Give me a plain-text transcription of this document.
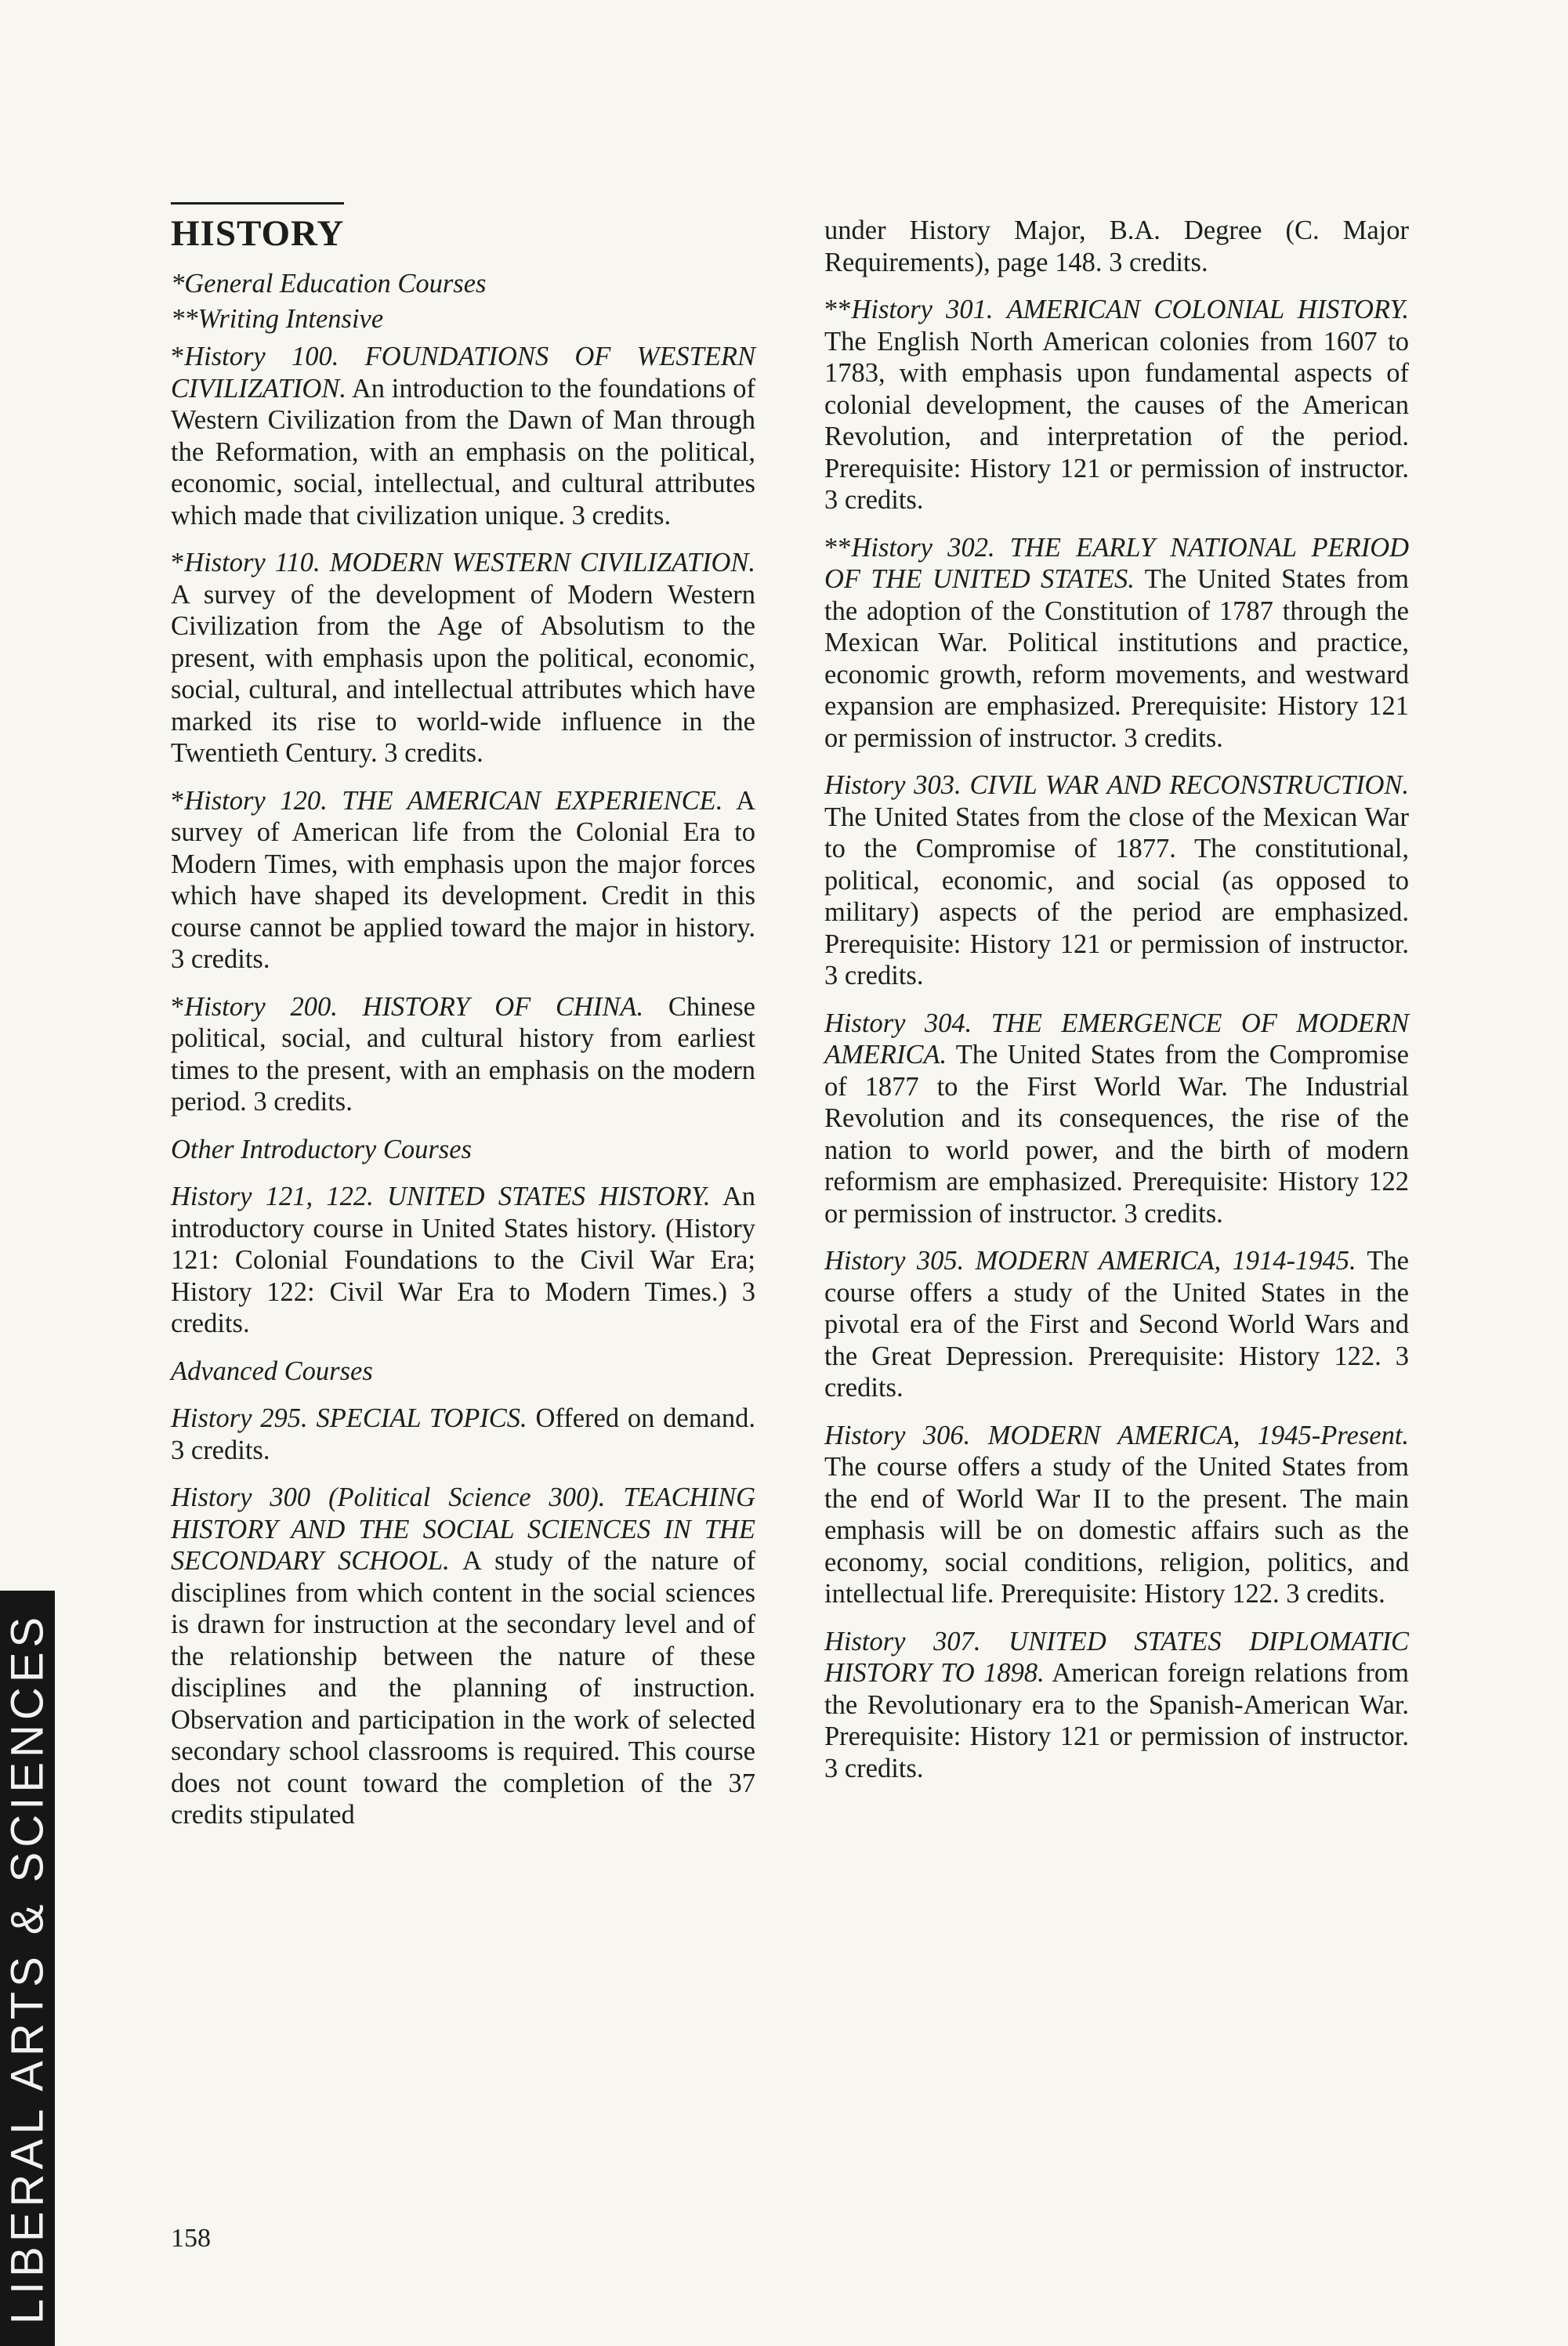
HISTORY

*General Education Courses

**Writing Intensive

*History 100. FOUNDATIONS OF WESTERN CIVILIZATION. An introduction to the foundations of Western Civilization from the Dawn of Man through the Reformation, with an emphasis on the political, economic, social, intellectual, and cultural attributes which made that civilization unique. 3 credits.

*History 110. MODERN WESTERN CIVILIZATION. A survey of the development of Modern Western Civilization from the Age of Absolutism to the present, with emphasis upon the political, economic, social, cultural, and intellectual attributes which have marked its rise to world-wide influence in the Twentieth Century. 3 credits.

*History 120. THE AMERICAN EXPERIENCE. A survey of American life from the Colonial Era to Modern Times, with emphasis upon the major forces which have shaped its development. Credit in this course cannot be applied toward the major in history. 3 credits.

*History 200. HISTORY OF CHINA. Chinese political, social, and cultural history from earliest times to the present, with an emphasis on the modern period. 3 credits.

Other Introductory Courses

History 121, 122. UNITED STATES HISTORY. An introductory course in United States history. (History 121: Colonial Foundations to the Civil War Era; History 122: Civil War Era to Modern Times.) 3 credits.

Advanced Courses

History 295. SPECIAL TOPICS. Offered on demand. 3 credits.

History 300 (Political Science 300). TEACHING HISTORY AND THE SOCIAL SCIENCES IN THE SECONDARY SCHOOL. A study of the nature of disciplines from which content in the social sciences is drawn for instruction at the secondary level and of the relationship between the nature of these disciplines and the planning of instruction. Observation and participation in the work of selected secondary school classrooms is required. This course does not count toward the completion of the 37 credits stipulated

under History Major, B.A. Degree (C. Major Requirements), page 148. 3 credits.

**History 301. AMERICAN COLONIAL HISTORY. The English North American colonies from 1607 to 1783, with emphasis upon fundamental aspects of colonial development, the causes of the American Revolution, and interpretation of the period. Prerequisite: History 121 or permission of instructor. 3 credits.

**History 302. THE EARLY NATIONAL PERIOD OF THE UNITED STATES. The United States from the adoption of the Constitution of 1787 through the Mexican War. Political institutions and practice, economic growth, reform movements, and westward expansion are emphasized. Prerequisite: History 121 or permission of instructor. 3 credits.

History 303. CIVIL WAR AND RECONSTRUCTION. The United States from the close of the Mexican War to the Compromise of 1877. The constitutional, political, economic, and social (as opposed to military) aspects of the period are emphasized. Prerequisite: History 121 or permission of instructor. 3 credits.

History 304. THE EMERGENCE OF MODERN AMERICA. The United States from the Compromise of 1877 to the First World War. The Industrial Revolution and its consequences, the rise of the nation to world power, and the birth of modern reformism are emphasized. Prerequisite: History 122 or permission of instructor. 3 credits.

History 305. MODERN AMERICA, 1914-1945. The course offers a study of the United States in the pivotal era of the First and Second World Wars and the Great Depression. Prerequisite: History 122. 3 credits.

History 306. MODERN AMERICA, 1945-Present. The course offers a study of the United States from the end of World War II to the present. The main emphasis will be on domestic affairs such as the economy, social conditions, religion, politics, and intellectual life. Prerequisite: History 122. 3 credits.

History 307. UNITED STATES DIPLOMATIC HISTORY TO 1898. American foreign relations from the Revolutionary era to the Spanish-American War. Prerequisite: History 121 or permission of instructor. 3 credits.

158

LIBERAL ARTS & SCIENCES
